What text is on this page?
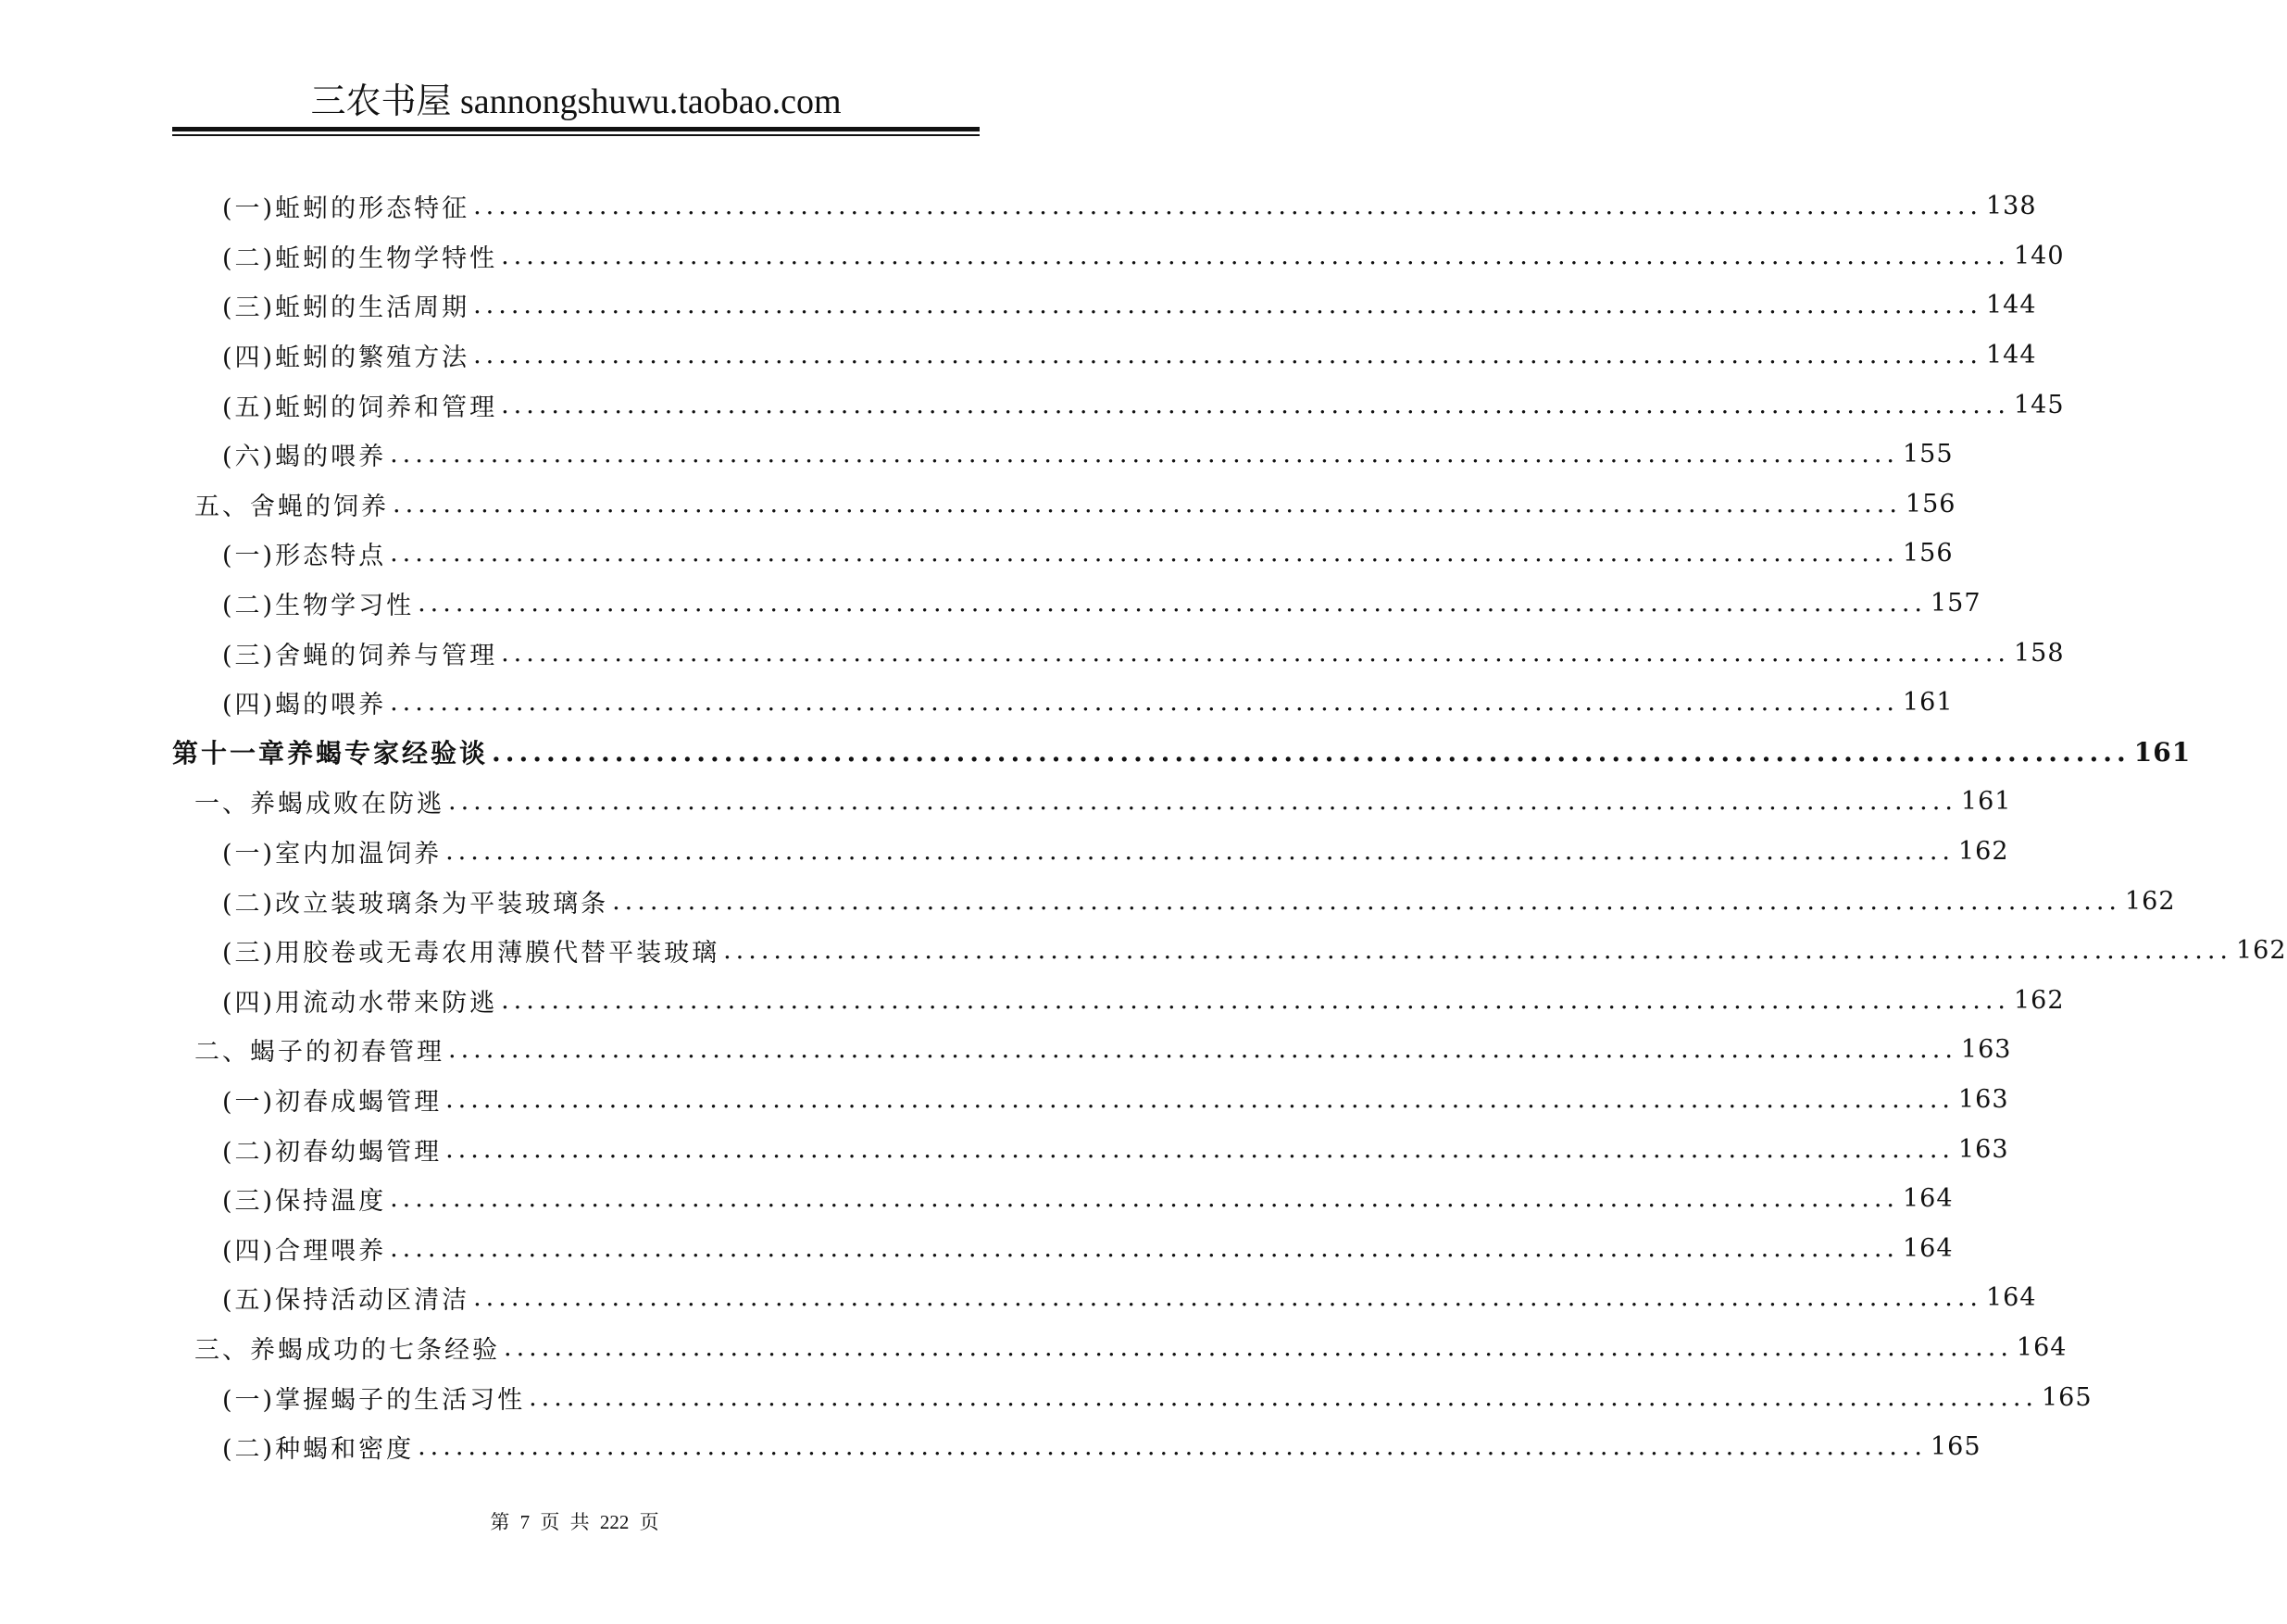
三农书屋 sannongshuwu.taobao.com
(一)蚯蚓的形态特征 ........................................................................................................................ 138
(二)蚯蚓的生物学特性 ........................................................................................................................ 140
(三)蚯蚓的生活周期 ........................................................................................................................ 144
(四)蚯蚓的繁殖方法 ........................................................................................................................ 144
(五)蚯蚓的饲养和管理 ........................................................................................................................ 145
(六)蝎的喂养 ........................................................................................................................ 155
五、舍蝇的饲养 ........................................................................................................................ 156
(一)形态特点 ........................................................................................................................ 156
(二)生物学习性 ........................................................................................................................ 157
(三)舍蝇的饲养与管理 ........................................................................................................................ 158
(四)蝎的喂养 ........................................................................................................................ 161
第十一章养蝎专家经验谈 ........................................................................................................................ 161
一、养蝎成败在防逃 ........................................................................................................................ 161
(一)室内加温饲养 ........................................................................................................................ 162
(二)改立装玻璃条为平装玻璃条 ........................................................................................................................ 162
(三)用胶卷或无毒农用薄膜代替平装玻璃 ........................................................................................................................ 162
(四)用流动水带来防逃 ........................................................................................................................ 162
二、蝎子的初春管理 ........................................................................................................................ 163
(一)初春成蝎管理 ........................................................................................................................ 163
(二)初春幼蝎管理 ........................................................................................................................ 163
(三)保持温度 ........................................................................................................................ 164
(四)合理喂养 ........................................................................................................................ 164
(五)保持活动区清洁 ........................................................................................................................ 164
三、养蝎成功的七条经验 ........................................................................................................................ 164
(一)掌握蝎子的生活习性 ........................................................................................................................ 165
(二)种蝎和密度 ........................................................................................................................ 165
第 7 页 共 222 页
